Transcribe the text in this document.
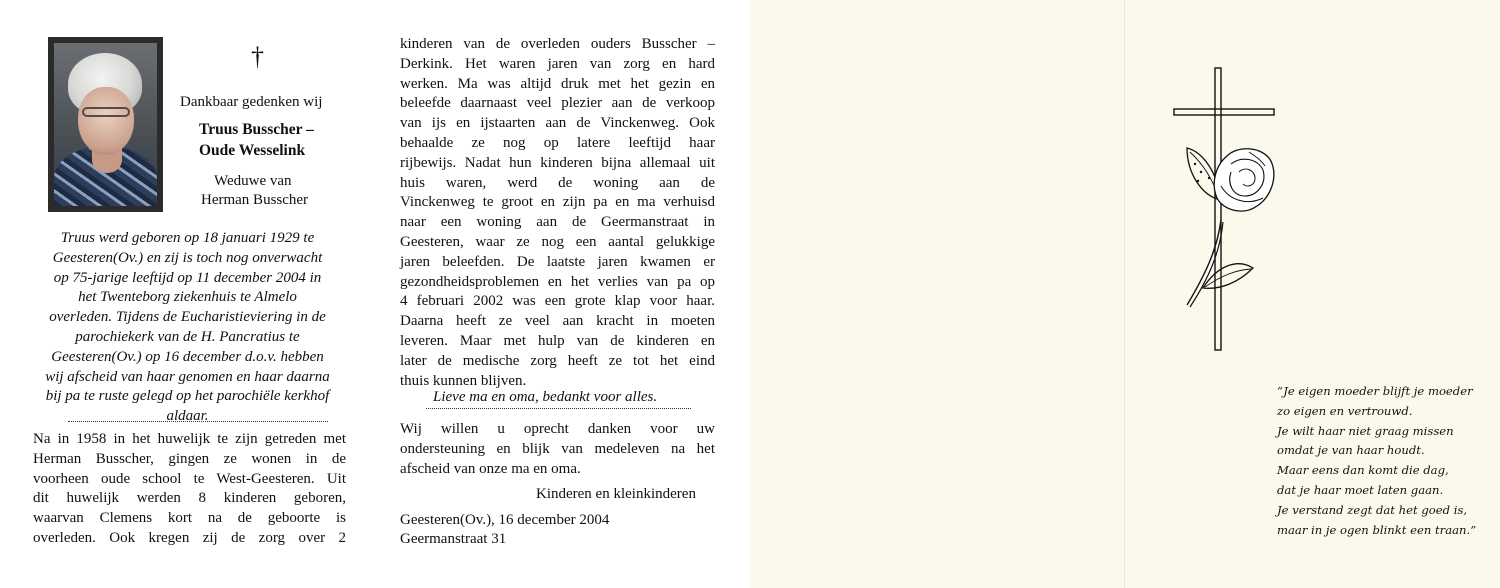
†
Dankbaar gedenken wij
Truus Busscher –
Oude Wesselink
Weduwe van
Herman Busscher
Truus werd geboren op 18 januari 1929 te
Geesteren(Ov.) en zij is toch nog onverwacht
op 75-jarige leeftijd op 11 december 2004 in
het Twenteborg ziekenhuis te Almelo
overleden. Tijdens de Eucharistieviering in de
parochiekerk van de H. Pancratius te
Geesteren(Ov.) op 16 december d.o.v. hebben
wij afscheid van haar genomen en haar daarna
bij pa te ruste gelegd op het parochiële kerkhof
aldaar.
Na in 1958 in het huwelijk te zijn getreden met
Herman Busscher, gingen ze wonen in de
voorheen oude school te West-Geesteren. Uit
dit huwelijk werden 8 kinderen geboren,
waarvan Clemens kort na de geboorte is
overleden. Ook kregen zij de zorg over 2
kinderen van de overleden ouders Busscher –
Derkink. Het waren jaren van zorg en hard
werken. Ma was altijd druk met het gezin en
beleefde daarnaast veel plezier aan de verkoop
van ijs en ijstaarten aan de Vinckenweg. Ook
behaalde ze nog op latere leeftijd haar
rijbewijs. Nadat hun kinderen bijna allemaal uit
huis waren, werd de woning aan de
Vinckenweg te groot en zijn pa en ma verhuisd
naar een woning aan de Geermanstraat in
Geesteren, waar ze nog een aantal gelukkige
jaren beleefden. De laatste jaren kwamen er
gezondheidsproblemen en het verlies van pa op
4 februari 2002 was een grote klap voor haar.
Daarna heeft ze veel aan kracht in moeten
leveren. Maar met hulp van de kinderen en
later de medische zorg heeft ze tot het eind
thuis kunnen blijven.
Lieve ma en oma, bedankt voor alles.
Wij willen u oprecht danken voor uw
ondersteuning en blijk van medeleven na het
afscheid van onze ma en oma.
Kinderen en kleinkinderen
Geesteren(Ov.), 16 december 2004
Geermanstraat 31
“Je eigen moeder blijft je moeder
zo eigen en vertrouwd.
Je wilt haar niet graag missen
omdat je van haar houdt.
Maar eens dan komt die dag,
dat je haar moet laten gaan.
Je verstand zegt dat het goed is,
maar in je ogen blinkt een traan.”
